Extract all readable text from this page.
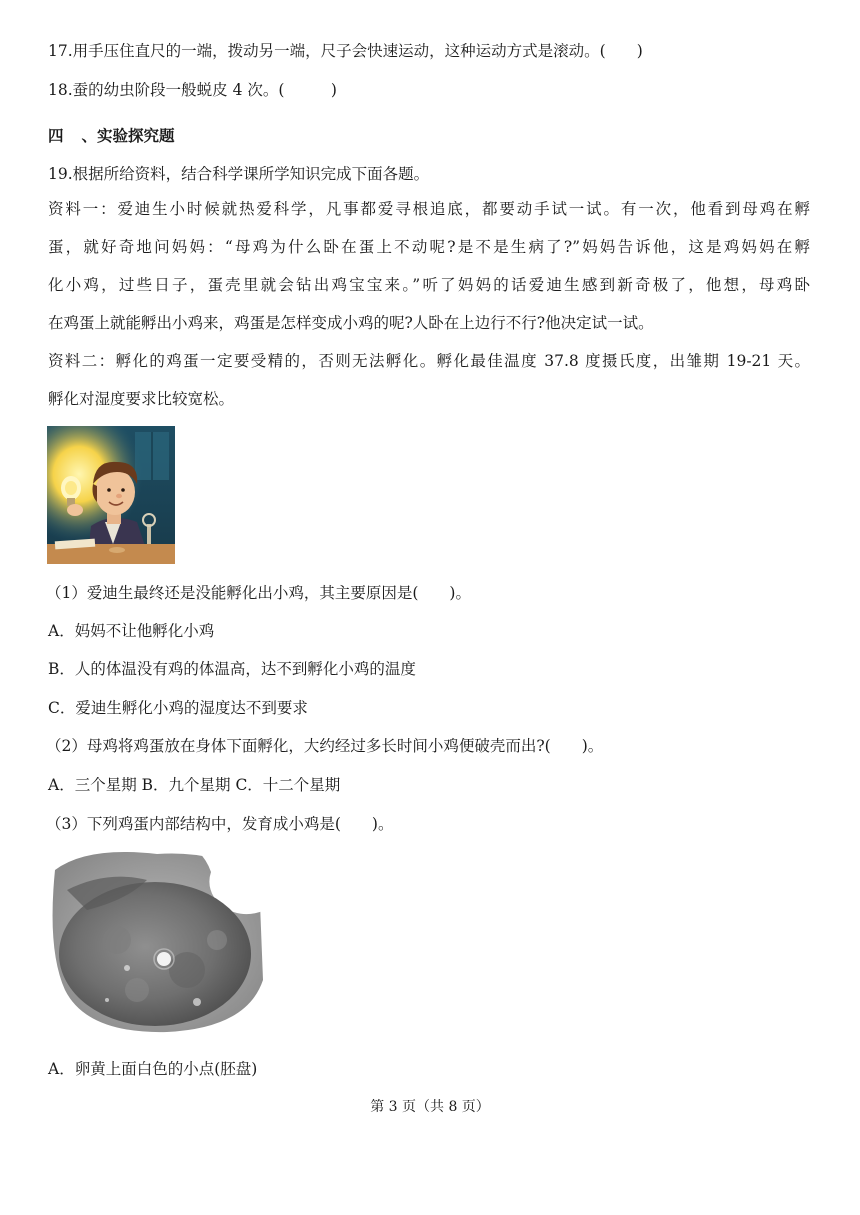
17.用手压住直尺的一端，拨动另一端，尺子会快速运动，这种运动方式是滚动。(　　)
18.蚕的幼虫阶段一般蜕皮 4 次。(　　　)
四 、实验探究题
19.根据所给资料，结合科学课所学知识完成下面各题。
资料一：爱迪生小时候就热爱科学，凡事都爱寻根追底，都要动手试一试。有一次，他看到母鸡在孵
蛋，就好奇地问妈妈：“母鸡为什么卧在蛋上不动呢?是不是生病了?”妈妈告诉他，这是鸡妈妈在孵
化小鸡，过些日子，蛋壳里就会钻出鸡宝宝来。”听了妈妈的话爱迪生感到新奇极了，他想，母鸡卧
在鸡蛋上就能孵出小鸡来，鸡蛋是怎样变成小鸡的呢?人卧在上边行不行?他决定试一试。
资料二：孵化的鸡蛋一定要受精的，否则无法孵化。孵化最佳温度 37.8 度摄氏度，出雏期 19-21 天。
孵化对湿度要求比较宽松。
（1）爱迪生最终还是没能孵化出小鸡，其主要原因是(　　)。
A．妈妈不让他孵化小鸡
B．人的体温没有鸡的体温高，达不到孵化小鸡的温度
C．爱迪生孵化小鸡的湿度达不到要求
（2）母鸡将鸡蛋放在身体下面孵化，大约经过多长时间小鸡便破壳而出?(　　)。
A．三个星期 B．九个星期 C．十二个星期
（3）下列鸡蛋内部结构中，发育成小鸡是(　　)。
A．卵黄上面白色的小点(胚盘)
第 3 页（共 8 页）
